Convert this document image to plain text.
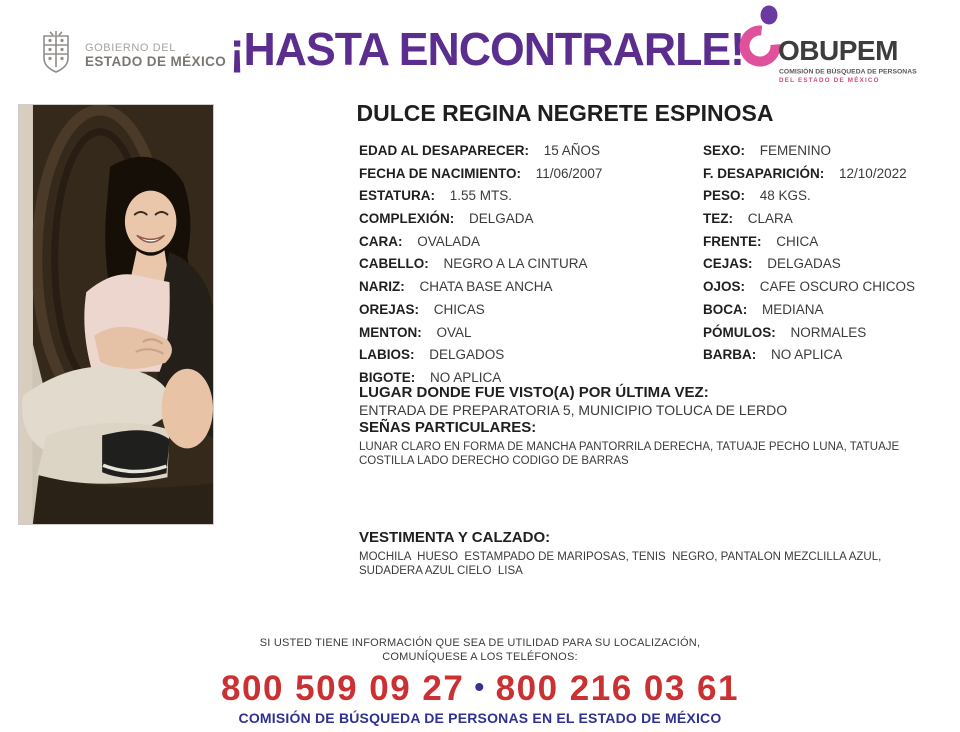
GOBIERNO DEL
ESTADO DE MÉXICO ¡HASTA ENCONTRARLE! OBUPEM
COMISIÓN DE BÚSQUEDA DE PERSONAS
DEL ESTADO DE MÉXICO
DULCE REGINA NEGRETE ESPINOSA
EDAD AL DESAPARECER: 15 AÑOS
FECHA DE NACIMIENTO: 11/06/2007
ESTATURA: 1.55 MTS.
COMPLEXIÓN: DELGADA
CARA: OVALADA
CABELLO: NEGRO A LA CINTURA
NARIZ: CHATA BASE ANCHA
OREJAS: CHICAS
MENTON: OVAL
LABIOS: DELGADOS
BIGOTE: NO APLICA
SEXO: FEMENINO
F. DESAPARICIÓN: 12/10/2022
PESO: 48 KGS.
TEZ: CLARA
FRENTE: CHICA
CEJAS: DELGADAS
OJOS: CAFE OSCURO CHICOS
BOCA: MEDIANA
PÓMULOS: NORMALES
BARBA: NO APLICA
LUGAR DONDE FUE VISTO(A) POR ÚLTIMA VEZ:
ENTRADA DE PREPARATORIA 5, MUNICIPIO TOLUCA DE LERDO
SEÑAS PARTICULARES:
LUNAR CLARO EN FORMA DE MANCHA PANTORRILA DERECHA, TATUAJE PECHO LUNA, TATUAJE COSTILLA LADO DERECHO CODIGO DE BARRAS
VESTIMENTA Y CALZADO:
MOCHILA  HUESO  ESTAMPADO DE MARIPOSAS, TENIS  NEGRO, PANTALON MEZCLILLA AZUL, SUDADERA AZUL CIELO  LISA
SI USTED TIENE INFORMACIÓN QUE SEA DE UTILIDAD PARA SU LOCALIZACIÓN,
COMUNÍQUESE A LOS TELÉFONOS:
800 509 09 27 • 800 216 03 61
COMISIÓN DE BÚSQUEDA DE PERSONAS EN EL ESTADO DE MÉXICO
